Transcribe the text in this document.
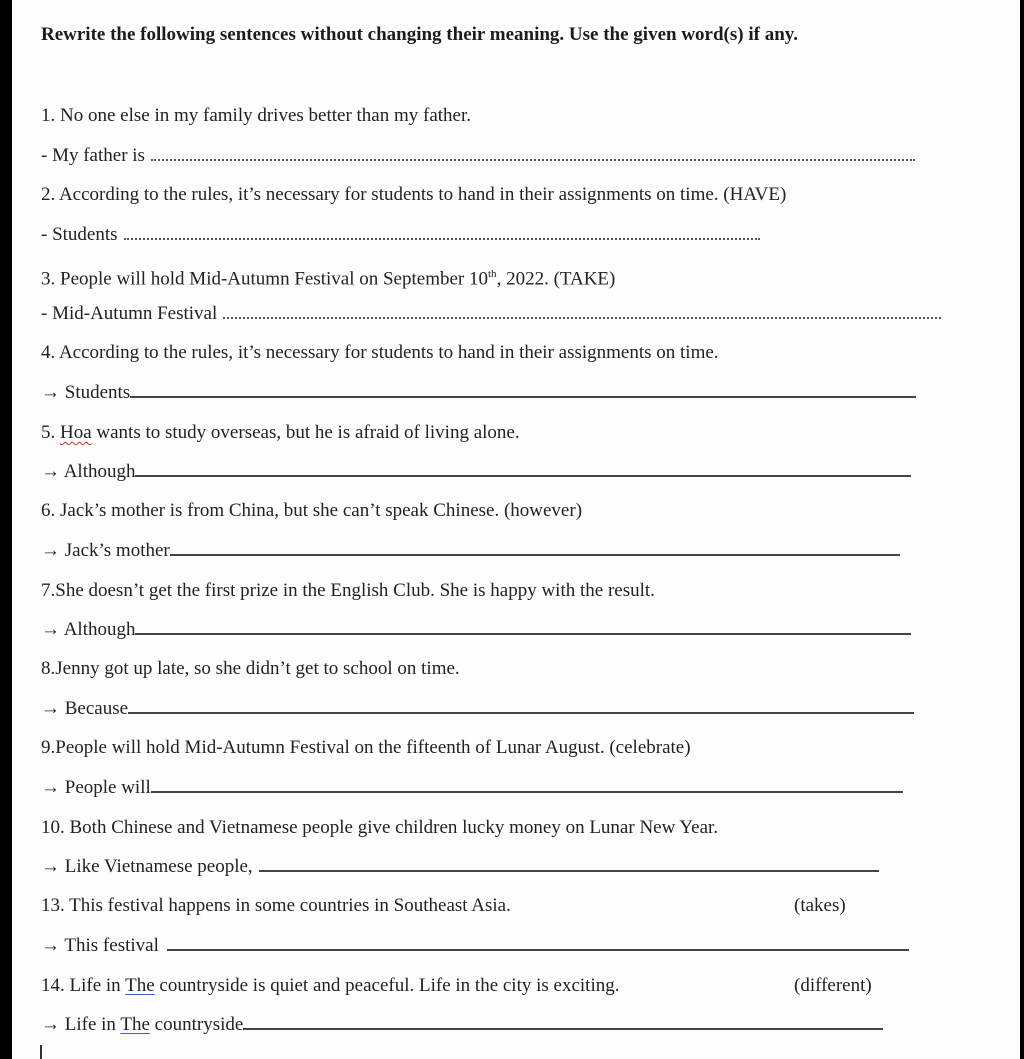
Rewrite the following sentences without changing their meaning. Use the given word(s) if any.
1. No one else in my family drives better than my father.
- My father is
2. According to the rules, it’s necessary for students to hand in their assignments on time. (HAVE)
- Students
3. People will hold Mid-Autumn Festival on September 10th, 2022. (TAKE)
- Mid-Autumn Festival
4. According to the rules, it’s necessary for students to hand in their assignments on time.
→ Students
5. Hoa wants to study overseas, but he is afraid of living alone.
→ Although
6. Jack’s mother is from China, but she can’t speak Chinese. (however)
→ Jack’s mother
7.She doesn’t get the first prize in the English Club. She is happy with the result.
→ Although
8.Jenny got up late, so she didn’t get to school on time.
→ Because
9.People will hold Mid-Autumn Festival on the fifteenth of Lunar August. (celebrate)
→ People will
10. Both Chinese and Vietnamese people give children lucky money on Lunar New Year.
→ Like Vietnamese people,
13. This festival happens in some countries in Southeast Asia.	(takes)
→ This festival
14. Life in The countryside is quiet and peaceful. Life in the city is exciting.	(different)
→ Life in The countryside
